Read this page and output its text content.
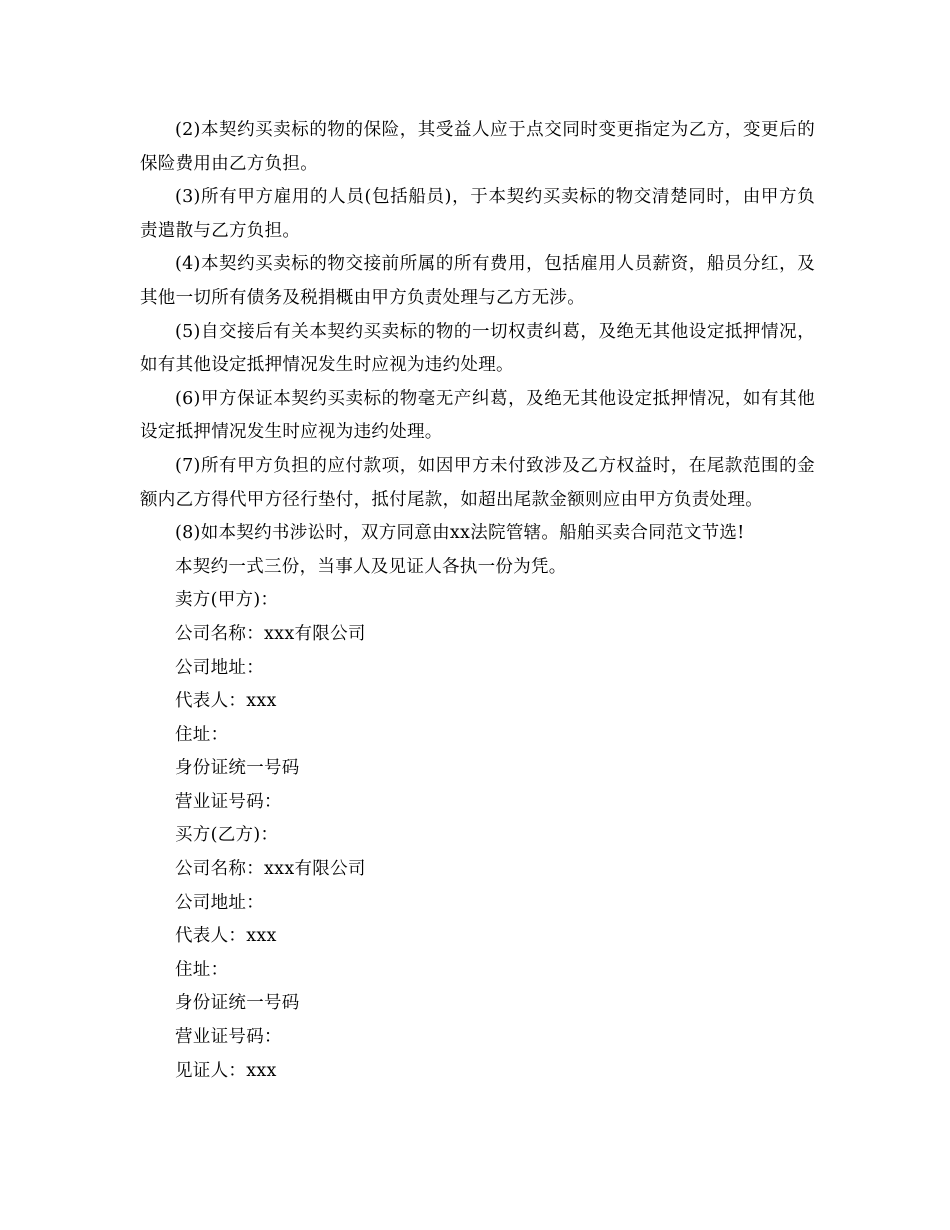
(2)本契约买卖标的物的保险，其受益人应于点交同时变更指定为乙方，变更后的保险费用由乙方负担。

(3)所有甲方雇用的人员(包括船员)，于本契约买卖标的物交清楚同时，由甲方负责遣散与乙方负担。

(4)本契约买卖标的物交接前所属的所有费用，包括雇用人员薪资，船员分红，及其他一切所有债务及税捐概由甲方负责处理与乙方无涉。

(5)自交接后有关本契约买卖标的物的一切权责纠葛，及绝无其他设定抵押情况，如有其他设定抵押情况发生时应视为违约处理。

(6)甲方保证本契约买卖标的物毫无产纠葛，及绝无其他设定抵押情况，如有其他设定抵押情况发生时应视为违约处理。

(7)所有甲方负担的应付款项，如因甲方未付致涉及乙方权益时，在尾款范围的金额内乙方得代甲方径行垫付，抵付尾款，如超出尾款金额则应由甲方负责处理。

(8)如本契约书涉讼时，双方同意由xx法院管辖。船舶买卖合同范文节选!

本契约一式三份，当事人及见证人各执一份为凭。

卖方(甲方)：

公司名称：xxx有限公司

公司地址：

代表人：xxx

住址：

身份证统一号码

营业证号码：

买方(乙方)：

公司名称：xxx有限公司

公司地址：

代表人：xxx

住址：

身份证统一号码

营业证号码：

见证人：xxx
